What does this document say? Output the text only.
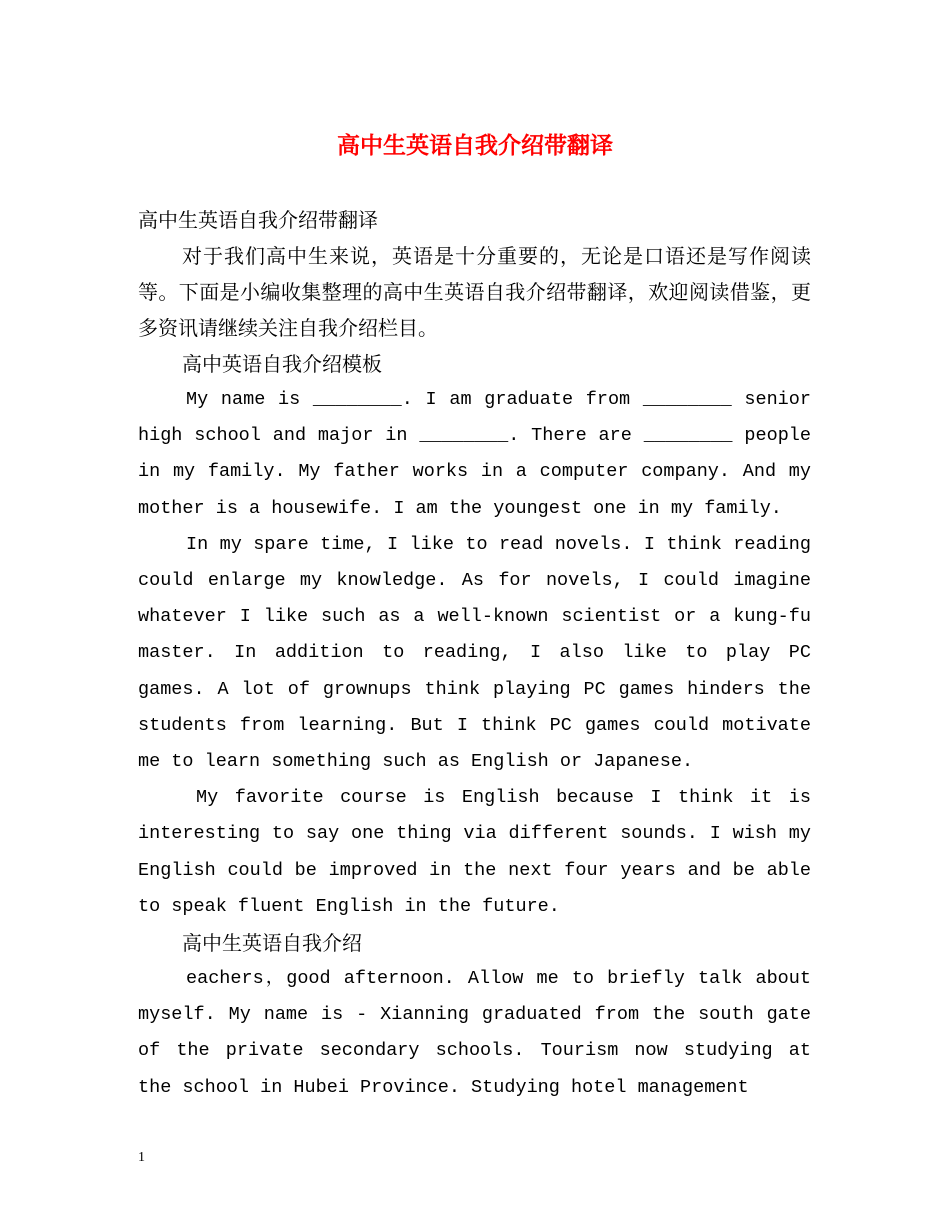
高中生英语自我介绍带翻译

高中生英语自我介绍带翻译

对于我们高中生来说，英语是十分重要的，无论是口语还是写作阅读等。下面是小编收集整理的高中生英语自我介绍带翻译，欢迎阅读借鉴，更多资讯请继续关注自我介绍栏目。

高中英语自我介绍模板

My name is ________. I am graduate from ________ senior high school and major in ________. There are ________ people in my family. My father works in a computer company. And my mother is a housewife. I am the youngest one in my family.

In my spare time, I like to read novels. I think reading could enlarge my knowledge. As for novels, I could imagine whatever I like such as a well-known scientist or a kung-fu master. In addition to reading, I also like to play PC games. A lot of grownups think playing PC games hinders the students from learning. But I think PC games could motivate me to learn something such as English or Japanese.

My favorite course is English because I think it is interesting to say one thing via different sounds. I wish my English could be improved in the next four years and be able to speak fluent English in the future.

高中生英语自我介绍

eachers，good afternoon. Allow me to briefly talk about myself. My name is - Xianning graduated from the south gate of the private secondary schools. Tourism now studying at the school in Hubei Province. Studying hotel management

1
